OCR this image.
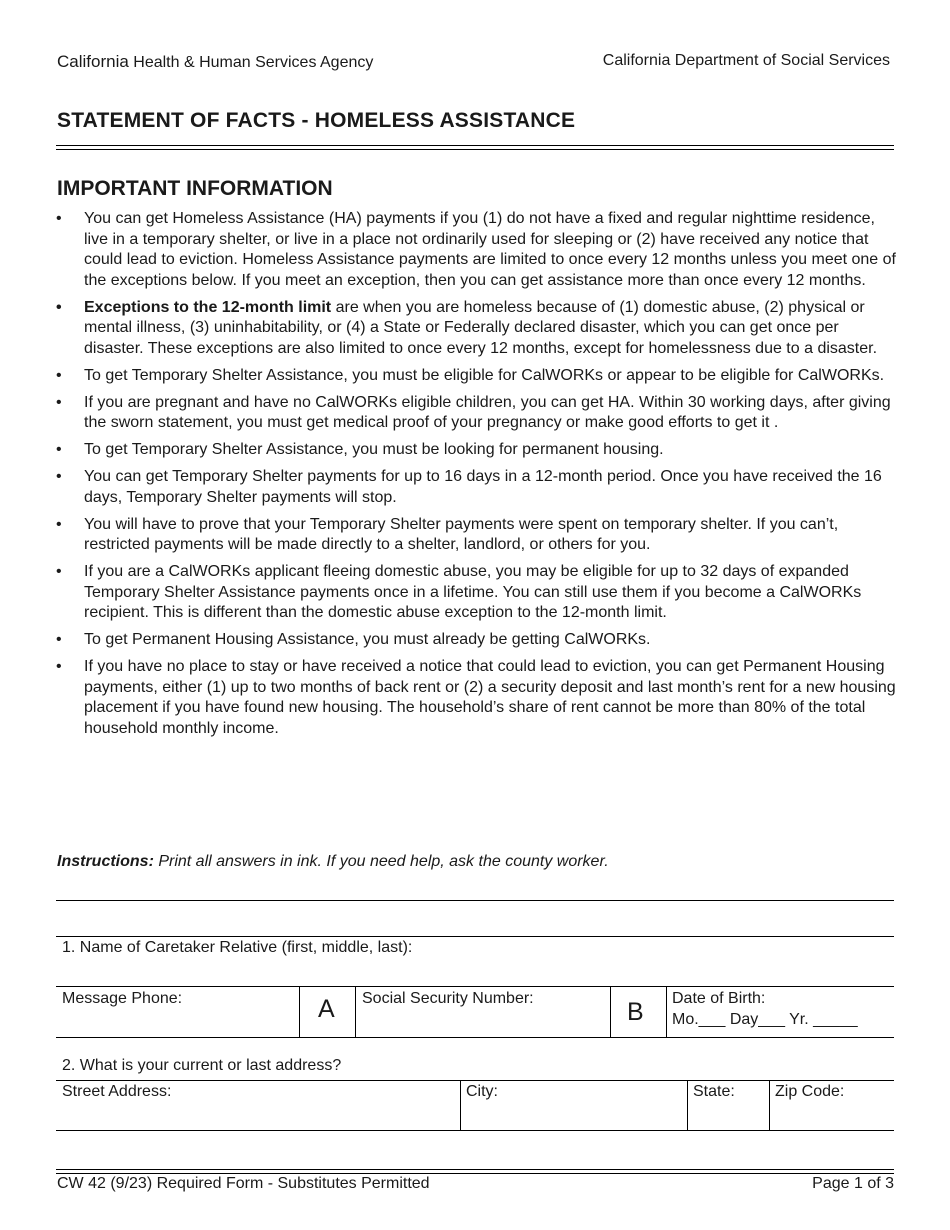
California Health & Human Services Agency	California Department of Social Services
STATEMENT OF FACTS - HOMELESS ASSISTANCE
IMPORTANT INFORMATION
• You can get Homeless Assistance (HA) payments if you (1) do not have a fixed and regular nighttime residence, live in a temporary shelter, or live in a place not ordinarily used for sleeping or (2) have received any notice that could lead to eviction. Homeless Assistance payments are limited to once every 12 months unless you meet one of the exceptions below. If you meet an exception, then you can get assistance more than once every 12 months.
• Exceptions to the 12-month limit are when you are homeless because of (1) domestic abuse, (2) physical or mental illness, (3) uninhabitability, or (4) a State or Federally declared disaster, which you can get once per disaster. These exceptions are also limited to once every 12 months, except for homelessness due to a disaster.
• To get Temporary Shelter Assistance, you must be eligible for CalWORKs or appear to be eligible for CalWORKs.
• If you are pregnant and have no CalWORKs eligible children, you can get HA. Within 30 working days, after giving the sworn statement, you must get medical proof of your pregnancy or make good efforts to get it .
• To get Temporary Shelter Assistance, you must be looking for permanent housing.
• You can get Temporary Shelter payments for up to 16 days in a 12-month period. Once you have received the 16 days, Temporary Shelter payments will stop.
• You will have to prove that your Temporary Shelter payments were spent on temporary shelter. If you can’t, restricted payments will be made directly to a shelter, landlord, or others for you.
• If you are a CalWORKs applicant fleeing domestic abuse, you may be eligible for up to 32 days of expanded Temporary Shelter Assistance payments once in a lifetime. You can still use them if you become a CalWORKs recipient. This is different than the domestic abuse exception to the 12-month limit.
• To get Permanent Housing Assistance, you must already be getting CalWORKs.
• If you have no place to stay or have received a notice that could lead to eviction, you can get Permanent Housing payments, either (1) up to two months of back rent or (2) a security deposit and last month’s rent for a new housing placement if you have found new housing. The household’s share of rent cannot be more than 80% of the total household monthly income.
Instructions: Print all answers in ink. If you need help, ask the county worker.
1. Name of Caretaker Relative (first, middle, last):
Message Phone:	A Social Security Number:	B Date of Birth:
Mo.___ Day___ Yr. _____
2. What is your current or last address?
Street Address:	City:	State:	Zip Code:
CW 42 (9/23) Required Form - Substitutes Permitted	Page 1 of 3
